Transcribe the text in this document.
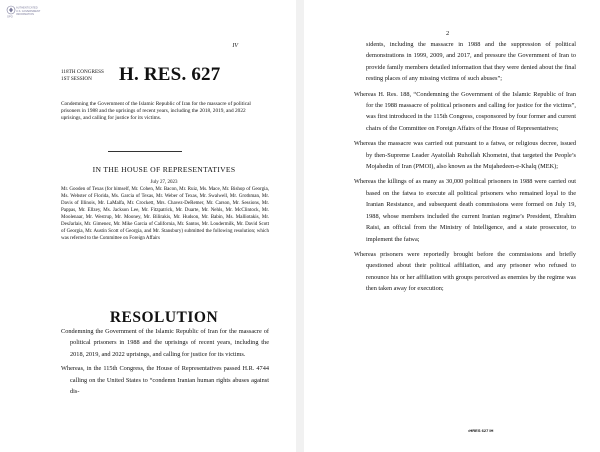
AUTHENTICATED
U.S. GOVERNMENT
INFORMATION
GPO
IV
118TH CONGRESS
1ST SESSION	H. RES. 627
Condemning the Government of the Islamic Republic of Iran for the massacre of political prisoners in 1988 and the uprisings of recent years, including the 2018, 2019, and 2022 uprisings, and calling for justice for its victims.
IN THE HOUSE OF REPRESENTATIVES
July 27, 2023
Mr. Gooden of Texas (for himself, Mr. Cohen, Mr. Bacon, Mr. Ruiz, Ms. Mace, Mr. Bishop of Georgia, Ms. Webster of Florida, Ms. Garcia of Texas, Mr. Weber of Texas, Mr. Swalwell, Mr. Grothman, Mr. Davis of Illinois, Mr. LaMalfa, Mr. Crockett, Mrs. Chavez-DeRemer, Mr. Carson, Mr. Sessions, Mr. Pappas, Mr. Ellzey, Ms. Jackson Lee, Mr. Fitzpatrick, Mr. Duarte, Mr. Nehls, Mr. McClintock, Mr. Moolenaar, Mr. Westrup, Mr. Mooney, Mr. Bilirakis, Mr. Hudson, Mr. Babin, Ms. Malliotakis, Mr. DesJarlais, Mr. Gimenez, Mr. Mike Garcia of California, Mr. Santos, Mr. Loudermilk, Mr. David Scott of Georgia, Mr. Austin Scott of Georgia, and Mr. Stansbury) submitted the following resolution; which was referred to the Committee on Foreign Affairs
RESOLUTION

Condemning the Government of the Islamic Republic of Iran for the massacre of political prisoners in 1988 and the uprisings of recent years, including the 2018, 2019, and 2022 uprisings, and calling for justice for its victims.

Whereas, in the 115th Congress, the House of Representatives passed H.R. 4744 calling on the United States to “condemn Iranian human rights abuses against dis-

2

sidents, including the massacre in 1988 and the suppression of political demonstrations in 1999, 2009, and 2017, and pressure the Government of Iran to provide family members detailed information that they were denied about the final resting places of any missing victims of such abuses”;

Whereas H. Res. 188, “Condemning the Government of the Islamic Republic of Iran for the 1988 massacre of political prisoners and calling for justice for the victims”, was first introduced in the 115th Congress, cosponsored by four former and current chairs of the Committee on Foreign Affairs of the House of Representatives;

Whereas the massacre was carried out pursuant to a fatwa, or religious decree, issued by then-Supreme Leader Ayatollah Ruhollah Khomeini, that targeted the People’s Mojahedin of Iran (PMOI), also known as the Mujahedeen-e-Khalq (MEK);

Whereas the killings of as many as 30,000 political prisoners in 1988 were carried out based on the fatwa to execute all political prisoners who remained loyal to the Iranian Resistance, and subsequent death commissions were formed on July 19, 1988, whose members included the current Iranian regime’s President, Ebrahim Raisi, an official from the Ministry of Intelligence, and a state prosecutor, to implement the fatwa;

Whereas prisoners were reportedly brought before the commissions and briefly questioned about their political affiliation, and any prisoner who refused to renounce his or her affiliation with groups perceived as enemies by the regime was then taken away for execution;

•HRES 627 IH
